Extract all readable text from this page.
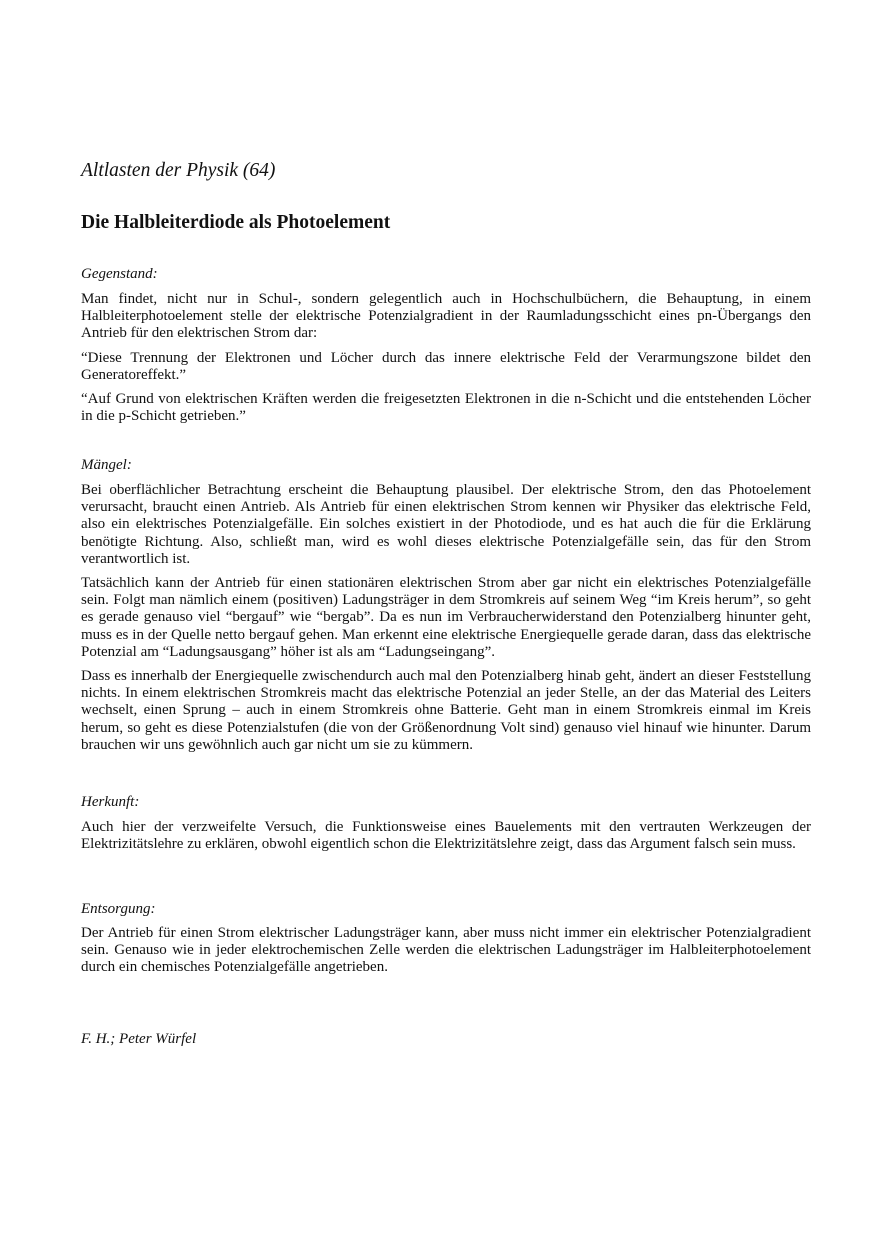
Altlasten der Physik (64)
Die Halbleiterdiode als Photoelement
Gegenstand:

Man findet, nicht nur in Schul-, sondern gelegentlich auch in Hochschulbüchern, die Behauptung, in einem Halbleiterphotoelement stelle der elektrische Potenzialgradient in der Raumladungsschicht eines pn-Übergangs den Antrieb für den elektrischen Strom dar:

“Diese Trennung der Elektronen und Löcher durch das innere elektrische Feld der Verarmungszone bildet den Generatoreffekt.”

“Auf Grund von elektrischen Kräften werden die freigesetzten Elektronen in die n-Schicht und die entstehenden Löcher in die p-Schicht getrieben.”

Mängel:

Bei oberflächlicher Betrachtung erscheint die Behauptung plausibel. Der elektrische Strom, den das Photoelement verursacht, braucht einen Antrieb. Als Antrieb für einen elektrischen Strom kennen wir Physiker das elektrische Feld, also ein elektrisches Potenzialgefälle. Ein solches existiert in der Photodiode, und es hat auch die für die Erklärung benötigte Richtung. Also, schließt man, wird es wohl dieses elektrische Potenzialgefälle sein, das für den Strom verantwortlich ist.

Tatsächlich kann der Antrieb für einen stationären elektrischen Strom aber gar nicht ein elektrisches Potenzialgefälle sein. Folgt man nämlich einem (positiven) Ladungsträger in dem Stromkreis auf seinem Weg “im Kreis herum”, so geht es gerade genauso viel “bergauf” wie “bergab”. Da es nun im Verbraucherwiderstand den Potenzialberg hinunter geht, muss es in der Quelle netto bergauf gehen. Man erkennt eine elektrische Energiequelle gerade daran, dass das elektrische Potenzial am “Ladungsausgang” höher ist als am “Ladungseingang”.

Dass es innerhalb der Energiequelle zwischendurch auch mal den Potenzialberg hinab geht, ändert an dieser Feststellung nichts. In einem elektrischen Stromkreis macht das elektrische Potenzial an jeder Stelle, an der das Material des Leiters wechselt, einen Sprung – auch in einem Stromkreis ohne Batterie. Geht man in einem Stromkreis einmal im Kreis herum, so geht es diese Potenzialstufen (die von der Größenordnung Volt sind) genauso viel hinauf wie hinunter. Darum brauchen wir uns gewöhnlich auch gar nicht um sie zu kümmern.

Herkunft:

Auch hier der verzweifelte Versuch, die Funktionsweise eines Bauelements mit den vertrauten Werkzeugen der Elektrizitätslehre zu erklären, obwohl eigentlich schon die Elektrizitätslehre zeigt, dass das Argument falsch sein muss.

Entsorgung:

Der Antrieb für einen Strom elektrischer Ladungsträger kann, aber muss nicht immer ein elektrischer Potenzialgradient sein. Genauso wie in jeder elektrochemischen Zelle werden die elektrischen Ladungsträger im Halbleiterphotoelement durch ein chemisches Potenzialgefälle angetrieben.

F. H.; Peter Würfel
